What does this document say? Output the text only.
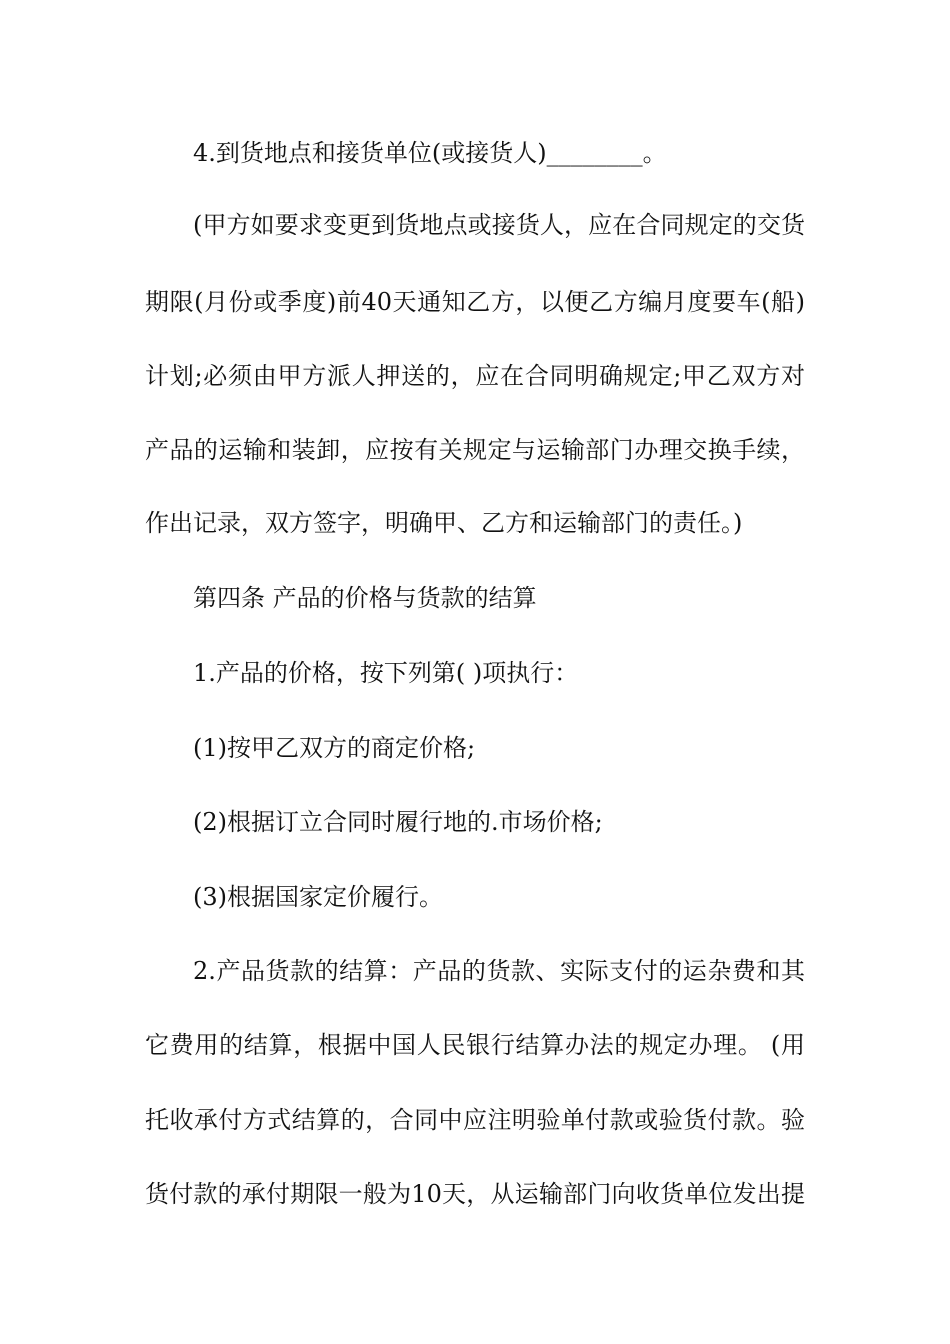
4.到货地点和接货单位(或接货人)________。
(甲方如要求变更到货地点或接货人，应在合同规定的交货
期限(月份或季度)前40天通知乙方，以便乙方编月度要车(船)
计划;必须由甲方派人押送的，应在合同明确规定;甲乙双方对
产品的运输和装卸，应按有关规定与运输部门办理交换手续，
作出记录，双方签字，明确甲、乙方和运输部门的责任。)
第四条 产品的价格与货款的结算
1.产品的价格，按下列第( )项执行：
(1)按甲乙双方的商定价格;
(2)根据订立合同时履行地的.市场价格;
(3)根据国家定价履行。
2.产品货款的结算：产品的货款、实际支付的运杂费和其
它费用的结算，根据中国人民银行结算办法的规定办理。 (用
托收承付方式结算的，合同中应注明验单付款或验货付款。验
货付款的承付期限一般为10天，从运输部门向收货单位发出提
